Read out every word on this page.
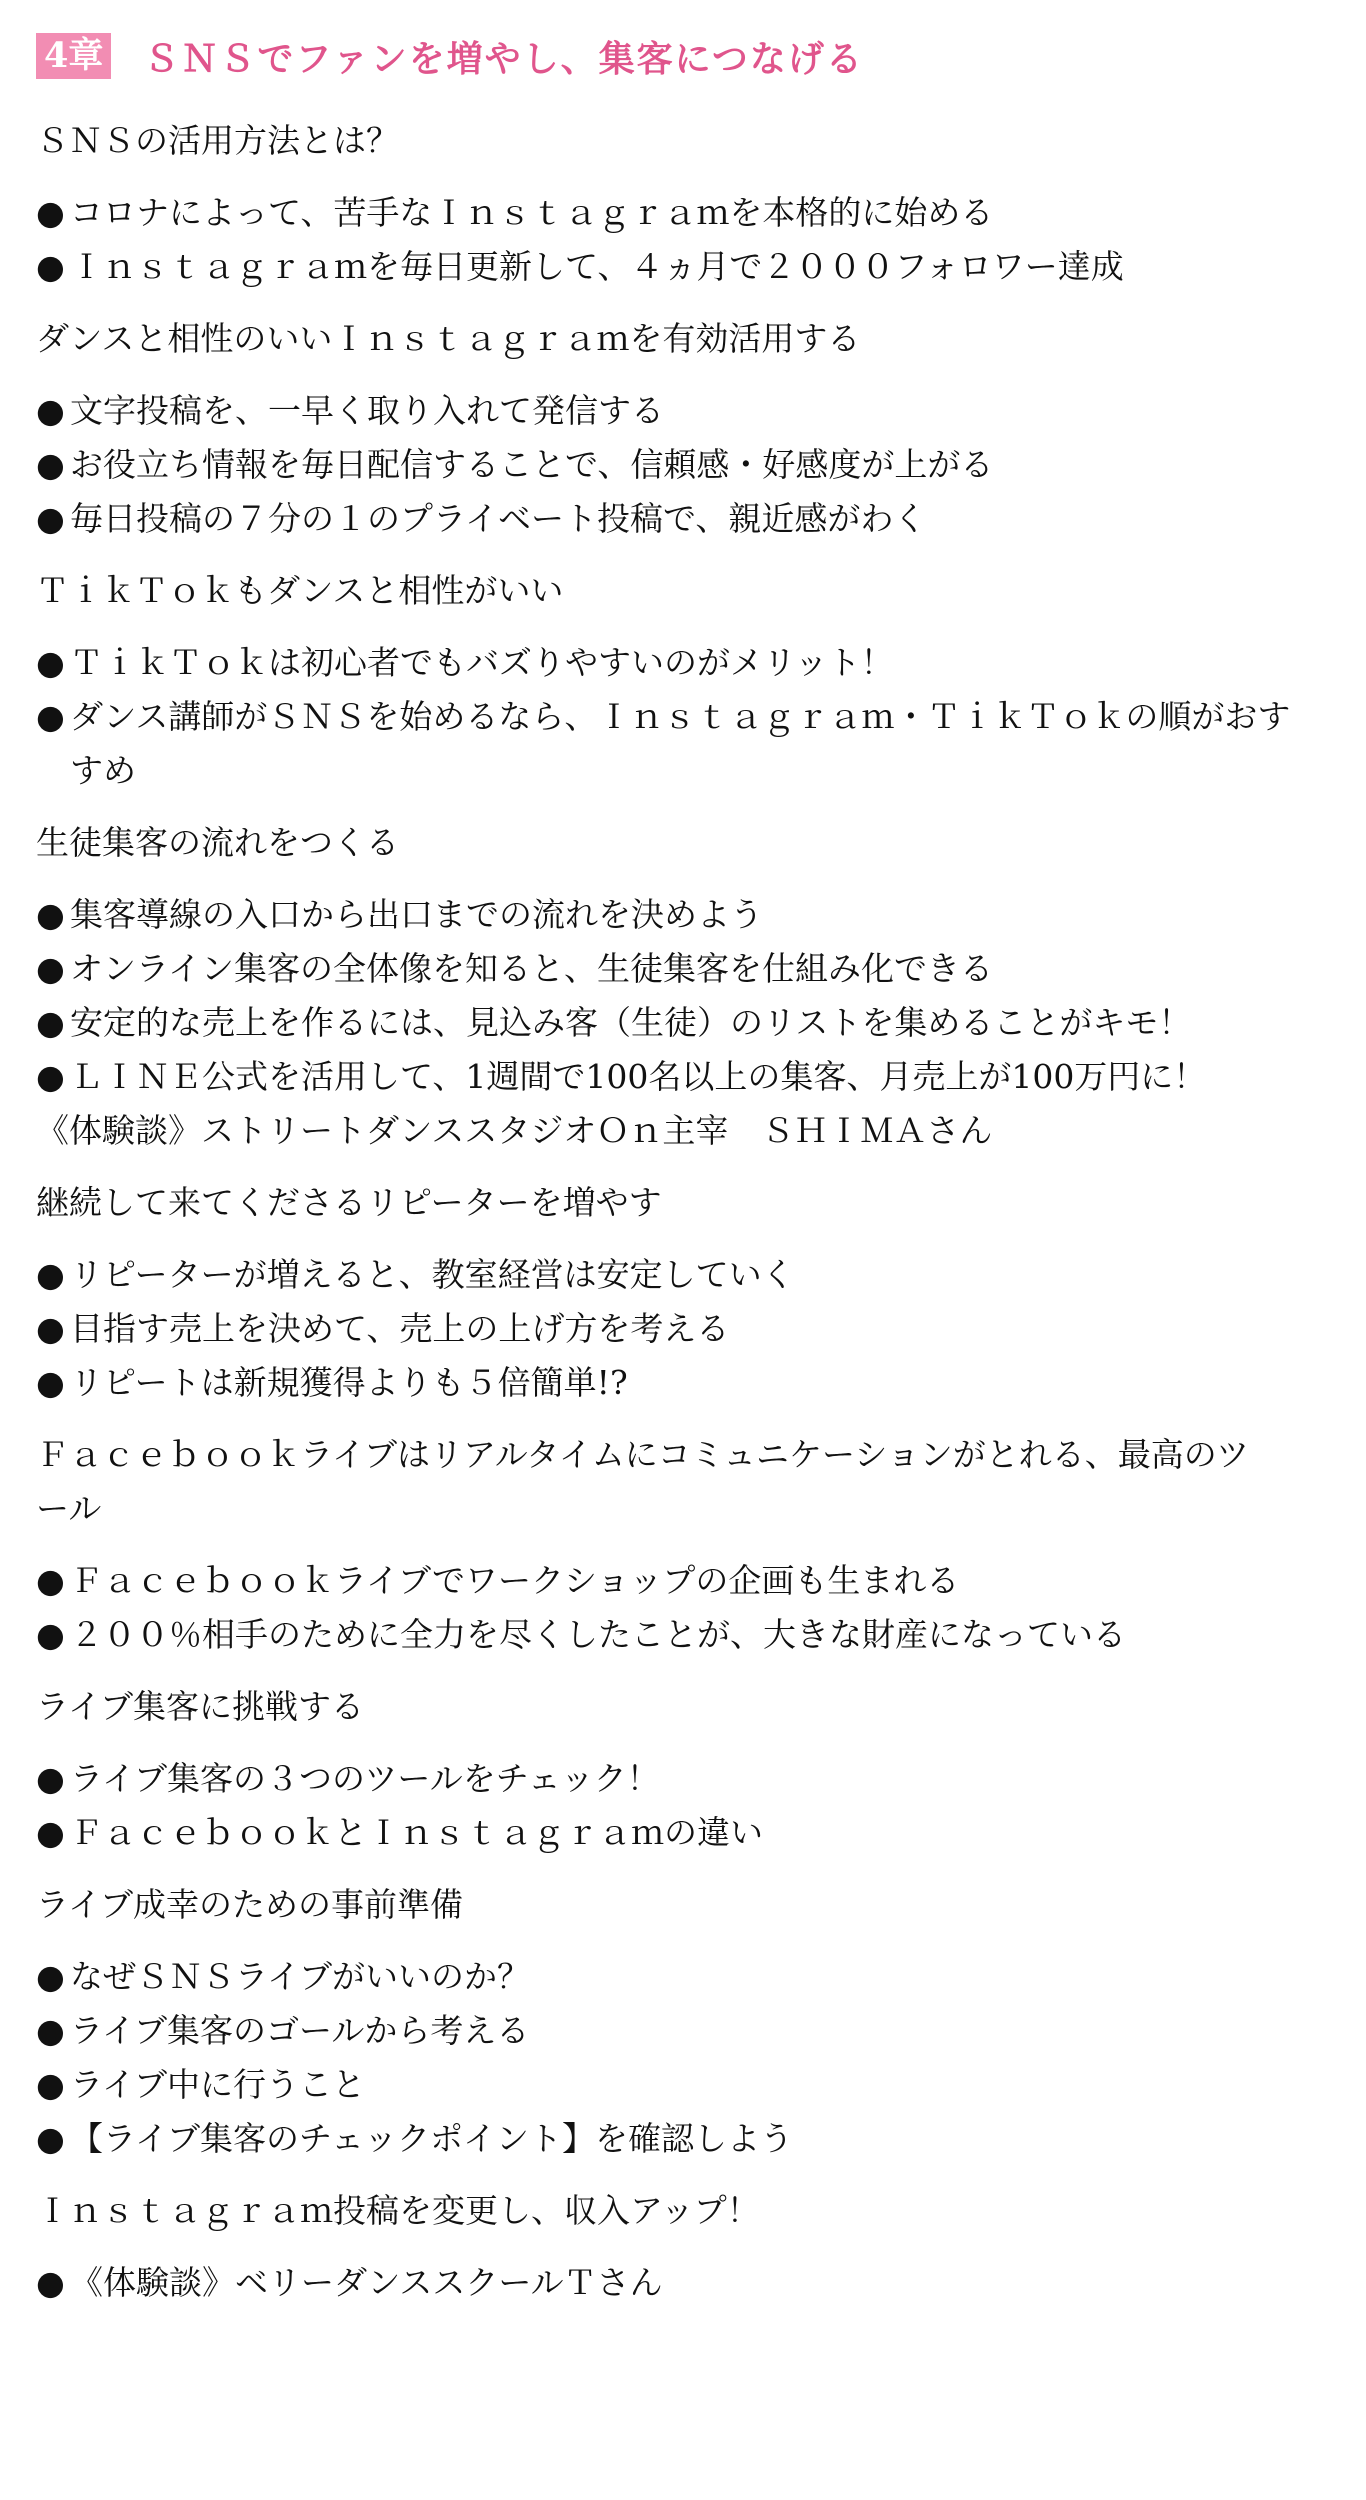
4章 ＳＮＳでファンを増やし、集客につなげる
ＳＮＳの活用方法とは？
● コロナによって、苦手なＩｎｓｔａｇｒａｍを本格的に始める
● Ｉｎｓｔａｇｒａｍを毎日更新して、４ヵ月で２０００フォロワー達成
ダンスと相性のいいＩｎｓｔａｇｒａｍを有効活用する
● 文字投稿を、一早く取り入れて発信する
● お役立ち情報を毎日配信することで、信頼感・好感度が上がる
● 毎日投稿の７分の１のプライベート投稿で、親近感がわく
ＴｉｋＴｏｋもダンスと相性がいい
● ＴｉｋＴｏｋは初心者でもバズりやすいのがメリット！
● ダンス講師がＳＮＳを始めるなら、Ｉｎｓｔａｇｒａｍ・ＴｉｋＴｏｋの順がおすすめ
生徒集客の流れをつくる
● 集客導線の入口から出口までの流れを決めよう
● オンライン集客の全体像を知ると、生徒集客を仕組み化できる
● 安定的な売上を作るには、見込み客（生徒）のリストを集めることがキモ！
● ＬＩＮＥ公式を活用して、1週間で100名以上の集客、月売上が100万円に！
《体験談》ストリートダンススタジオＯｎ主宰　ＳＨＩＭＡさん
継続して来てくださるリピーターを増やす
● リピーターが増えると、教室経営は安定していく
● 目指す売上を決めて、売上の上げ方を考える
● リピートは新規獲得よりも５倍簡単!?
Ｆａｃｅｂｏｏｋライブはリアルタイムにコミュニケーションがとれる、最高のツール
● Ｆａｃｅｂｏｏｋライブでワークショップの企画も生まれる
● ２００％相手のために全力を尽くしたことが、大きな財産になっている
ライブ集客に挑戦する
● ライブ集客の３つのツールをチェック！
● ＦａｃｅｂｏｏｋとＩｎｓｔａｇｒａｍの違い
ライブ成幸のための事前準備
● なぜＳＮＳライブがいいのか？
● ライブ集客のゴールから考える
● ライブ中に行うこと
● 【ライブ集客のチェックポイント】を確認しよう
Ｉｎｓｔａｇｒａｍ投稿を変更し、収入アップ！
● 《体験談》ベリーダンススクールＴさん
